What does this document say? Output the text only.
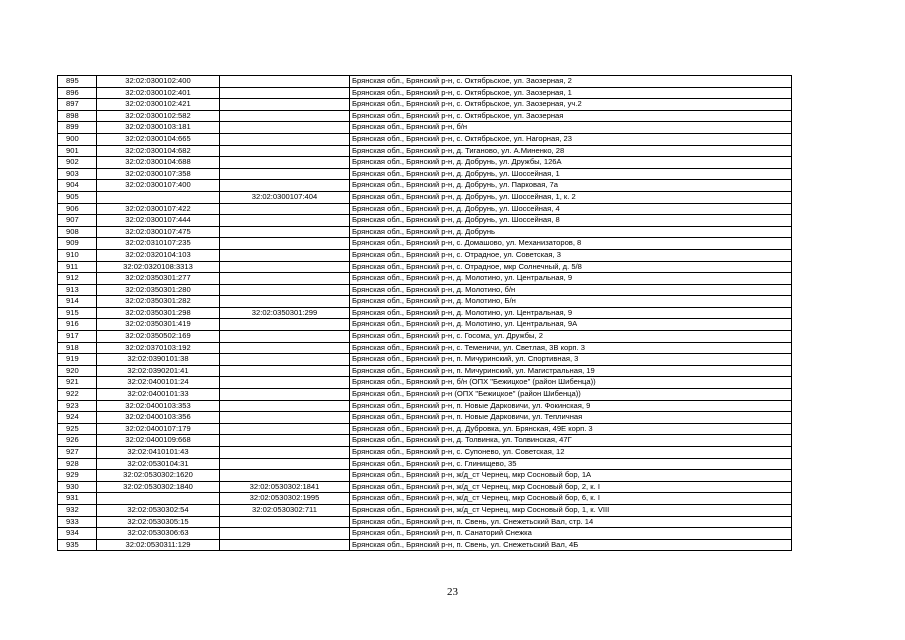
895	32:02:0300102:400		Брянская обл., Брянский р-н, с. Октябрьское, ул. Заозерная, 2
896	32:02:0300102:401		Брянская обл., Брянский р-н, с. Октябрьское, ул. Заозерная, 1
897	32:02:0300102:421		Брянская обл., Брянский р-н, с. Октябрьское, ул. Заозерная, уч.2
898	32:02:0300102:582		Брянская обл., Брянский р-н, с. Октябрьское, ул. Заозерная
899	32:02:0300103:181		Брянская обл., Брянский р-н, б/н
900	32:02:0300104:665		Брянская обл., Брянский р-н, с. Октябрьское, ул. Нагорная, 23
901	32:02:0300104:682		Брянская обл., Брянский р-н, д. Тиганово, ул. А.Миненко, 28
902	32:02:0300104:688		Брянская обл., Брянский р-н, д. Добрунь, ул. Дружбы, 126А
903	32:02:0300107:358		Брянская обл., Брянский р-н, д. Добрунь, ул. Шоссейная, 1
904	32:02:0300107:400		Брянская обл., Брянский р-н, д. Добрунь, ул. Парковая, 7а
905		32:02:0300107:404	Брянская обл., Брянский р-н, д. Добрунь, ул. Шоссейная, 1, к. 2
906	32:02:0300107:422		Брянская обл., Брянский р-н, д. Добрунь, ул. Шоссейная, 4
907	32:02:0300107:444		Брянская обл., Брянский р-н, д. Добрунь, ул. Шоссейная, 8
908	32:02:0300107:475		Брянская обл., Брянский р-н, д. Добрунь
909	32:02:0310107:235		Брянская обл., Брянский р-н, с. Домашово, ул. Механизаторов, 8
910	32:02:0320104:103		Брянская обл., Брянский р-н, с. Отрадное, ул. Советская, 3
911	32:02:0320108:3313		Брянская обл., Брянский р-н, с. Отрадное, мкр Солнечный, д. 5/8
912	32:02:0350301:277		Брянская обл., Брянский р-н, д. Молотино, ул. Центральная, 9
913	32:02:0350301:280		Брянская обл., Брянский р-н, д. Молотино, б/н
914	32:02:0350301:282		Брянская обл., Брянский р-н, д. Молотино, Б/н
915	32:02:0350301:298	32:02:0350301:299	Брянская обл., Брянский р-н, д. Молотино, ул. Центральная, 9
916	32:02:0350301:419		Брянская обл., Брянский р-н, д. Молотино, ул. Центральная, 9А
917	32:02:0350502:169		Брянская обл., Брянский р-н, с. Госома, ул. Дружбы, 2
918	32:02:0370103:192		Брянская обл., Брянский р-н, с. Теменичи, ул. Светлая, 3В корп. 3
919	32:02:0390101:38		Брянская обл., Брянский р-н, п. Мичуринский, ул. Спортивная, 3
920	32:02:0390201:41		Брянская обл., Брянский р-н, п. Мичуринский, ул. Магистральная, 19
921	32:02:0400101:24		Брянская обл., Брянский р-н, б/н (ОПХ "Бежицкое" (район Шибенца))
922	32:02:0400101:33		Брянская обл., Брянский р-н (ОПХ "Бежицкое" (район Шибенца))
923	32:02:0400103:353		Брянская обл., Брянский р-н, п. Новые Дарковичи, ул. Фокинская, 9
924	32:02:0400103:356		Брянская обл., Брянский р-н, п. Новые Дарковичи, ул. Тепличная
925	32:02:0400107:179		Брянская обл., Брянский р-н, д. Дубровка, ул. Брянская, 49Е корп. 3
926	32:02:0400109:668		Брянская обл., Брянский р-н, д. Толвинка, ул. Толвинская, 47Г
927	32:02:0410101:43		Брянская обл., Брянский р-н, с. Супонево, ул. Советская, 12
928	32:02:0530104:31		Брянская обл., Брянский р-н, с. Глинищево, 35
929	32:02:0530302:1620		Брянская обл., Брянский р-н, ж/д_ст Чернец, мкр Сосновый бор, 1А
930	32:02:0530302:1840	32:02:0530302:1841	Брянская обл., Брянский р-н, ж/д_ст Чернец, мкр Сосновый бор, 2, к. I
931		32:02:0530302:1995	Брянская обл., Брянский р-н, ж/д_ст Чернец, мкр Сосновый бор, 6, к. I
932	32:02:0530302:54	32:02:0530302:711	Брянская обл., Брянский р-н, ж/д_ст Чернец, мкр Сосновый бор, 1, к. VIII
933	32:02:0530305:15		Брянская обл., Брянский р-н, п. Свень, ул. Снежетьский Вал, стр. 14
934	32:02:0530306:63		Брянская обл., Брянский р-н, п. Санаторий Снежка
935	32:02:0530311:129		Брянская обл., Брянский р-н, п. Свень, ул. Снежетьский Вал, 4Б
23
